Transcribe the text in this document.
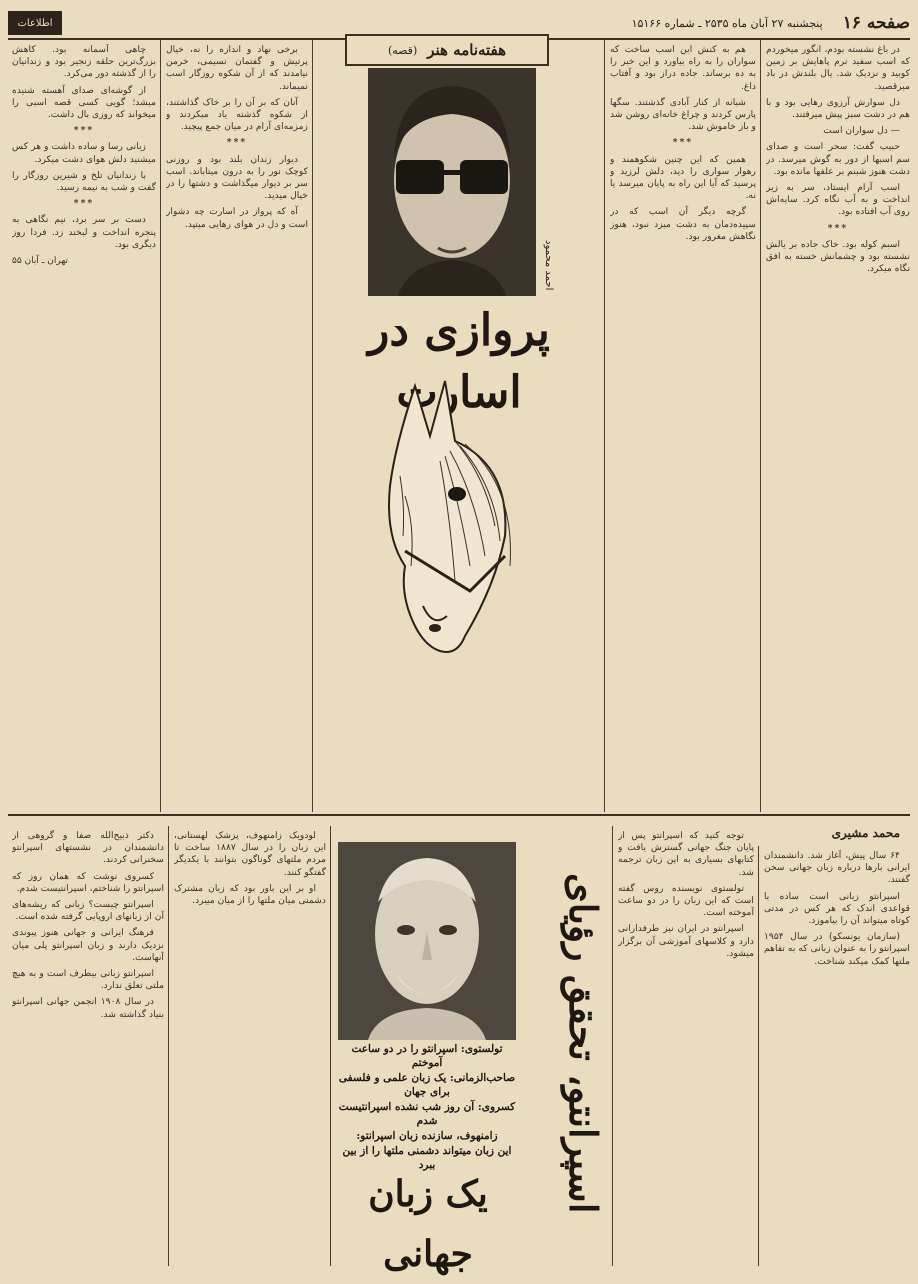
صفحه ۱۶
پنجشنبه ۲۷ آبان ماه ۲۵۳۵ ـ شماره ۱۵۱۶۶
اطلاعات

در باغ نشسته بودم، انگور میخوردم که اسب سفید نرم پاهایش بر زمین کوبید و نزدیک شد. یال بلندش در باد میرقصید.

دل سوارش آرزوی رهایی بود و با هم در دشت سبز پیش میرفتند.

— دل سواران است

حبیب گفت: سحر است و صدای سم اسبها از دور به گوش میرسد. در دشت هنوز شبنم بر علفها مانده بود.

اسب آرام ایستاد، سر به زیر انداخت و به آب نگاه کرد. سایه‌اش روی آب افتاده بود.

***

اسبم کوله بود. خاک جاده بر یالش نشسته بود و چشمانش خسته به افق نگاه میکرد.

هم به کنش این اسب ساخت که سواران را به راه بیاورد و این خبر را به ده برساند. جاده دراز بود و آفتاب داغ.

شبانه از کنار آبادی گذشتند. سگها پارس کردند و چراغ خانه‌ای روشن شد و باز خاموش شد.

***

همین که این چنین شکوهمند و رهوار سواری را دید، دلش لرزید و پرسید که آیا این راه به پایان میرسد یا نه.

گرچه دیگر آن اسب که در سپیده‌دمان به دشت میزد نبود، هنوز نگاهش مغرور بود.

برخی نهاد و اندازه را نه، خیال پرتیش و گفتمان نسیمی، خرمن نیامدند که از آن شکوه روزگار اسب نمیماند.

آنان که بر آن را بر خاک گذاشتند، از شکوه گذشته یاد میکردند و زمزمه‌ای آرام در میان جمع پیچید.

***

دیوار زندان بلند بود و روزنی کوچک نور را به درون میتاباند. اسب سر بر دیوار میگذاشت و دشتها را در خیال میدید.

آه که پرواز در اسارت چه دشوار است و دل در هوای رهایی میتپد.

چاهی آسمانه بود. کاهش بزرگ‌ترین حلقه زنجیر بود و زندانیان را از گذشته دور می‌کرد.

از گوشه‌ای صدای آهسته شنیده میشد؛ گویی کسی قصه اسبی را میخواند که روزی بال داشت.

***

زبانی رسا و ساده داشت و هر کس میشنید دلش هوای دشت میکرد.

با زندانیان تلخ و شیرین روزگار را گفت و شب به نیمه رسید.

***

دست بر سر برد، نیم نگاهی به پنجره انداخت و لبخند زد. فردا روز دیگری بود.

تهران ـ آبان ۵۵
هفته‌نامه هنر
(قصه)
احمد محمود
پروازی در اسارت
محمد مشیری
اسپرانتو، تحقق رؤیای
تولستوی: اسپرانتو را در دو ساعت آموختم
صاحب‌الزمانی: یک زبان علمی و فلسفی برای جهان
کسروی: آن روز شب نشده اسپرانتیست شدم
زامنهوف، سازنده زبان اسپرانتو:
این زبان میتواند دشمنی ملتها را از بین ببرد
یک زبان جهانی

۶۴ سال پیش، آغاز شد. دانشمندان ایرانی بارها درباره زبان جهانی سخن گفتند.

اسپرانتو زبانی است ساده با قواعدی اندک که هر کس در مدتی کوتاه میتواند آن را بیاموزد.

(سازمان یونسکو) در سال ۱۹۵۴ اسپرانتو را به عنوان زبانی که به تفاهم ملتها کمک میکند شناخت.

توجه کنید که اسپرانتو پس از پایان جنگ جهانی گسترش یافت و کتابهای بسیاری به این زبان ترجمه شد.

تولستوی نویسنده روس گفته است که این زبان را در دو ساعت آموخته است.

اسپرانتو در ایران نیز طرفدارانی دارد و کلاسهای آموزشی آن برگزار میشود.

لودویک زامنهوف، پزشک لهستانی، این زبان را در سال ۱۸۸۷ ساخت تا مردم ملتهای گوناگون بتوانند با یکدیگر گفتگو کنند.

او بر این باور بود که زبان مشترک دشمنی میان ملتها را از میان میبرد.

دکتر ذبیح‌الله صفا و گروهی از دانشمندان در نشستهای اسپرانتو سخنرانی کردند.

کسروی نوشت که همان روز که اسپرانتو را شناختم، اسپرانتیست شدم.

اسپرانتو چیست؟ زبانی که ریشه‌های آن از زبانهای اروپایی گرفته شده است.

فرهنگ ایرانی و جهانی هنوز پیوندی نزدیک دارند و زبان اسپرانتو پلی میان آنهاست.

اسپرانتو زبانی بیطرف است و به هیچ ملتی تعلق ندارد.

در سال ۱۹۰۸ انجمن جهانی اسپرانتو بنیاد گذاشته شد.
